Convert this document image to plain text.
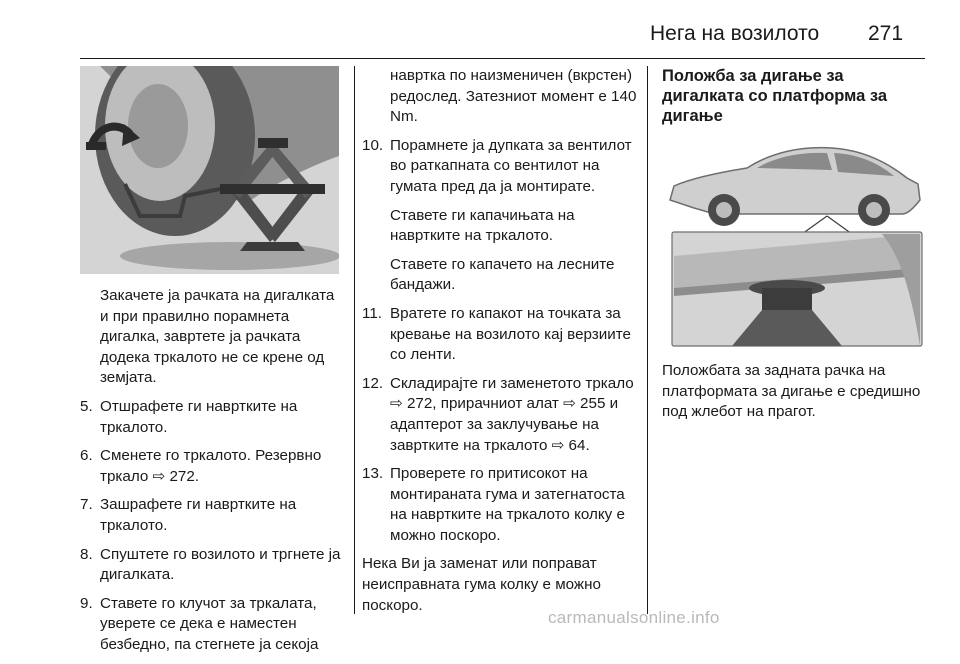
Нега на возилото 271

Закачете ја рачката на дигалката и при правилно порамнета дигалка, завртете ја рачката додека тркалото не се крене од земјата.

5. Отшрафете ги навртките на тркалото.
6. Сменете го тркалото. Резервно тркало ⇨ 272.
7. Зашрафете ги навртките на тркалото.
8. Спуштете го возилото и тргнете ја дигалката.
9. Ставете го клучот за тркалата, уверете се дека е наместен безбедно, па стегнете ја секоја

навртка по наизменичен (вкрстен) редослед. Затезниот момент е 140 Nm.

10. Порамнете ја дупката за вентилот во раткапната со вентилот на гумата пред да ја монтирате.
Ставете ги капачињата на навртките на тркалото.
Ставете го капачето на лесните бандажи.
11. Вратете го капакот на точката за кревање на возилото кај верзиите со ленти.
12. Складирајте ги заменетото тркало ⇨ 272, прирачниот алат ⇨ 255 и адаптерот за заклучување на завртките на тркалото ⇨ 64.
13. Проверете го притисокот на монтираната гума и затегнатоста на навртките на тркалото колку е можно поскоро.

Нека Ви ја заменат или поправат неисправната гума колку е можно поскоро.

Положба за дигање за дигалката со платформа за дигање

Положбата за задната рачка на платформата за дигање е средишно под жлебот на прагот.

carmanualsonline.info
